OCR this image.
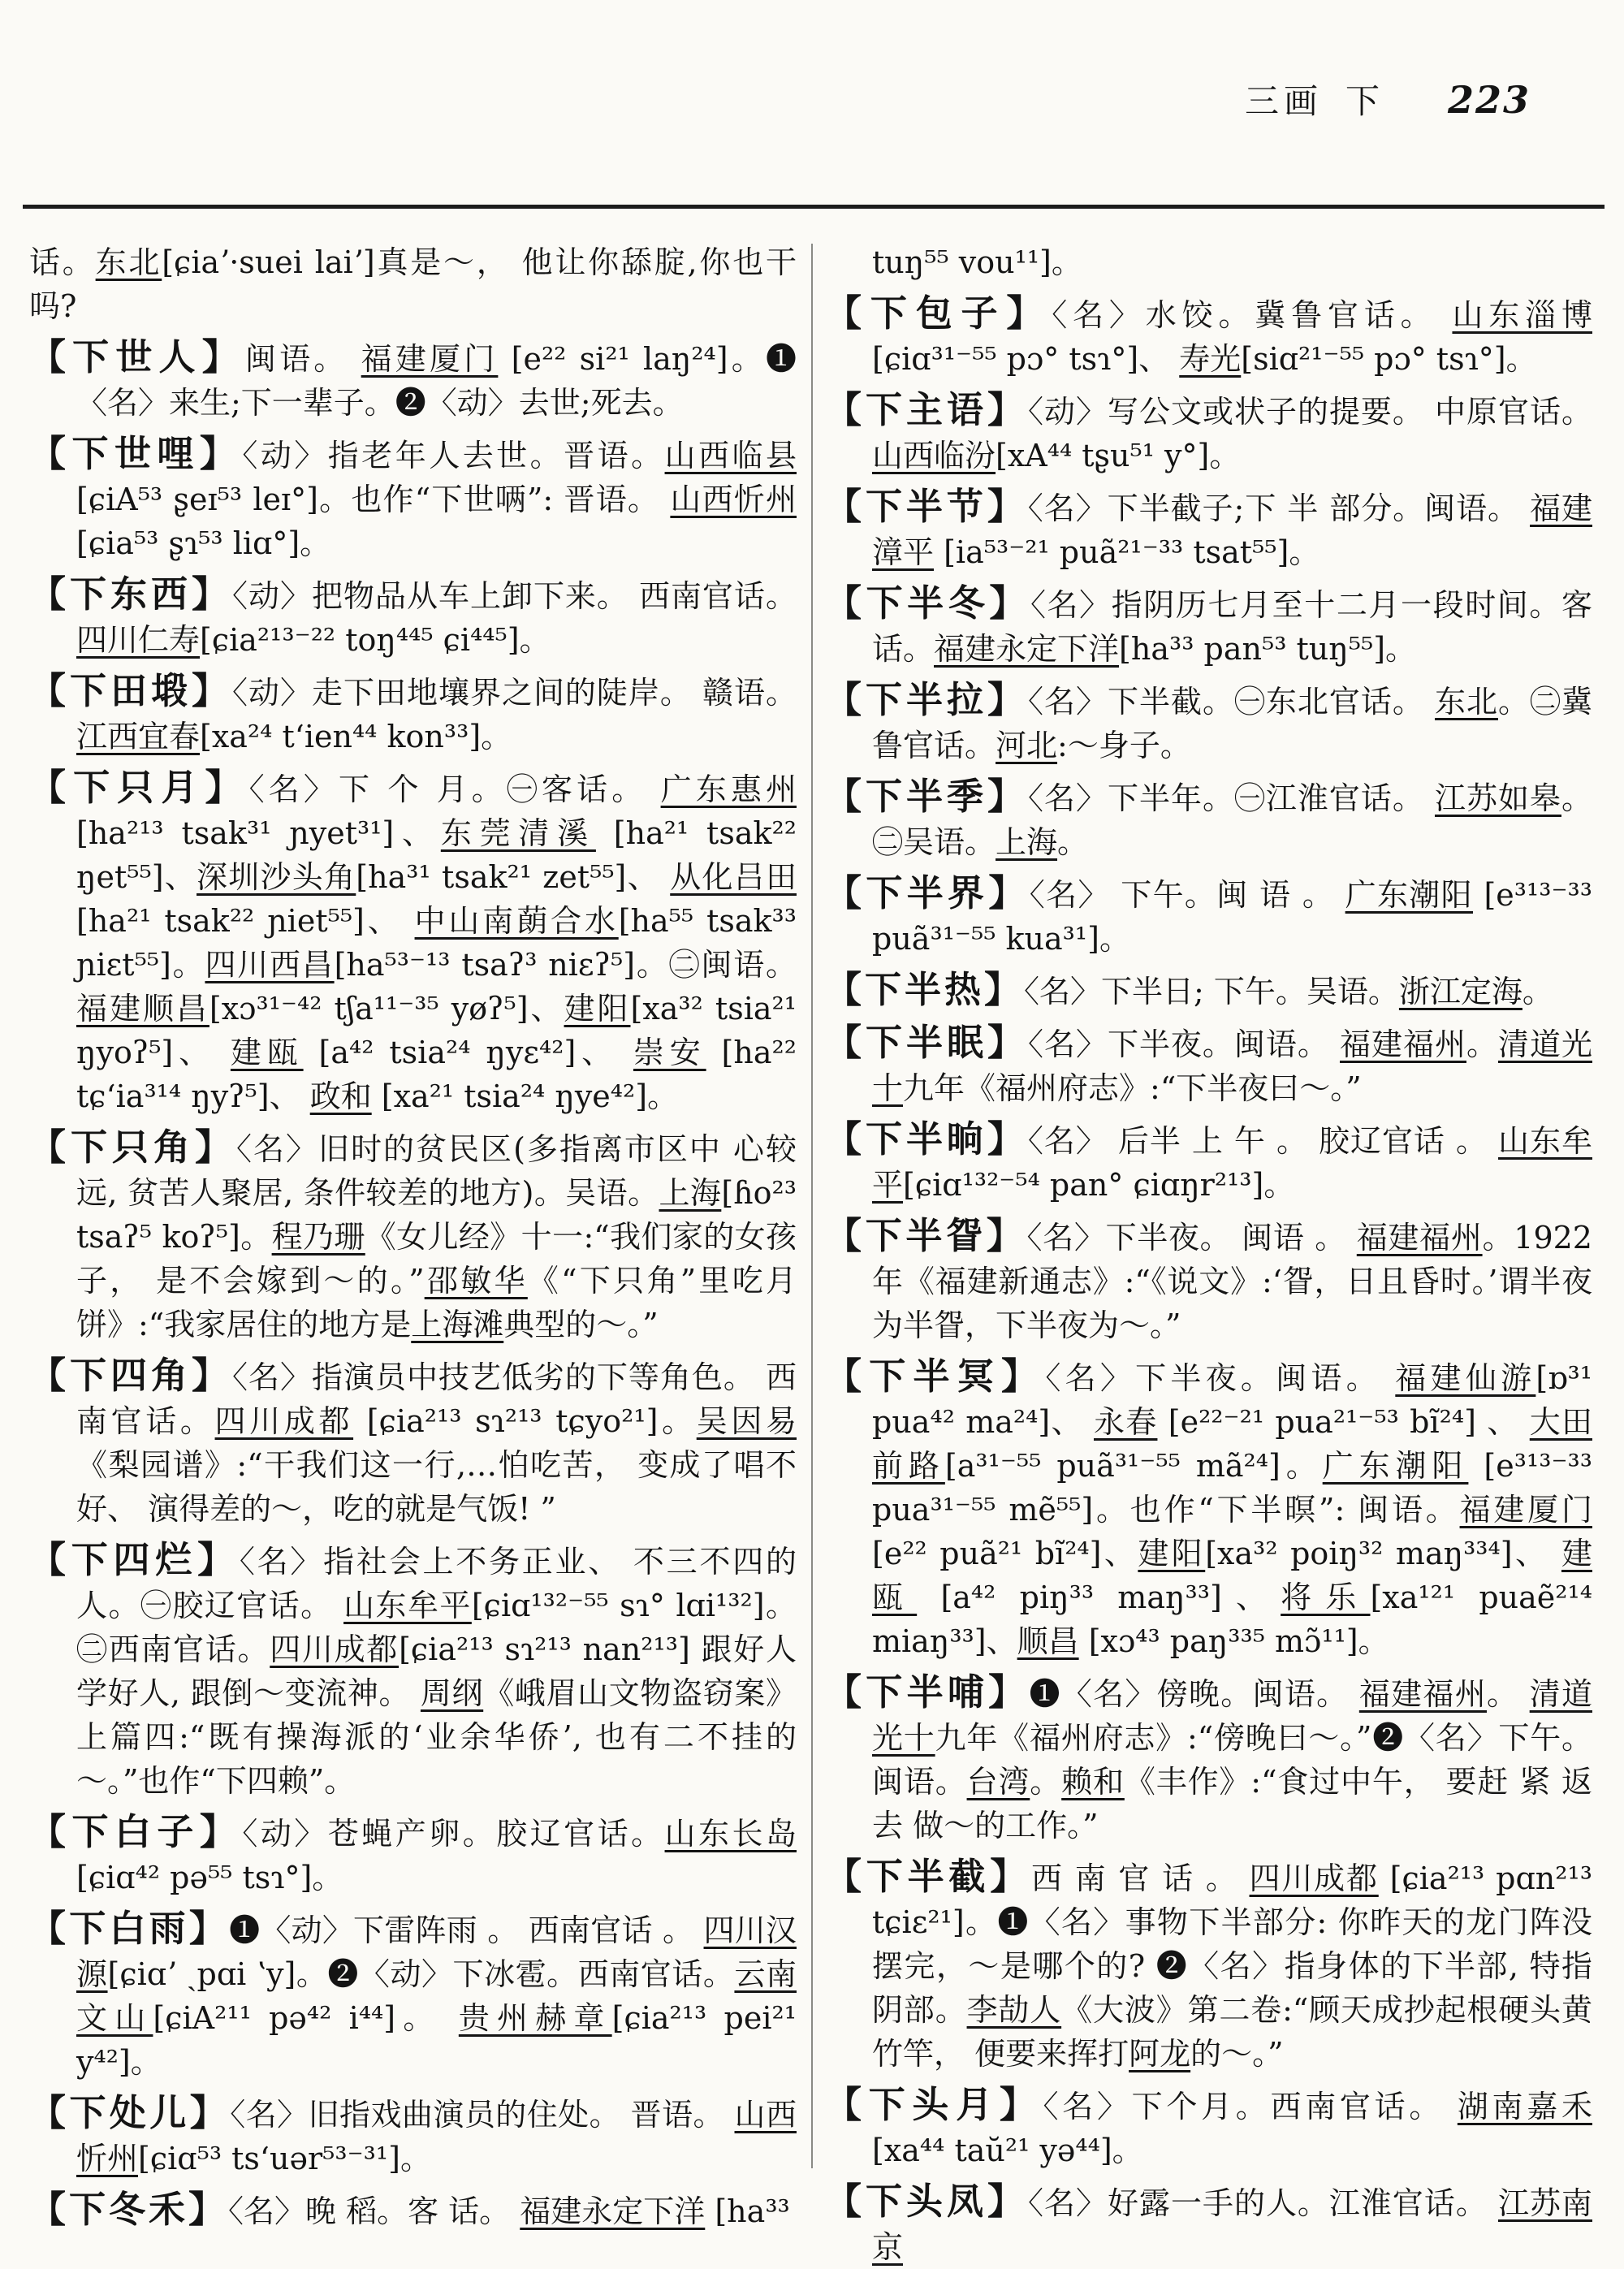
三画 下 223
话。东北[ɕiaʼ·suei laiʼ]真是～， 他让你舔腚,你也干吗?
【下世人】闽语。 福建厦门 [e²² si²¹ laŋ²⁴]。❶〈名〉来生;下一辈子。❷〈动〉去世;死去。
【下世哩】〈动〉指老年人去世。晋语。山西临县 [ɕiA⁵³ ʂeɪ⁵³ leɪ°]。也作“下世唡”: 晋语。 山西忻州 [ɕia⁵³ ʂɿ⁵³ liɑ°]。
【下东西】〈动〉把物品从车上卸下来。 西南官话。 四川仁寿[ɕia²¹³⁻²² toŋ⁴⁴⁵ ɕi⁴⁴⁵]。
【下田塅】〈动〉走下田地壤界之间的陡岸。 赣语。 江西宜春[xa²⁴ t‘ien⁴⁴ kon³³]。
【下只月】〈名〉下 个 月。㊀客话。 广东惠州 [ha²¹³ tsak³¹ ɲyet³¹]、东莞清溪 [ha²¹ tsak²² ŋet⁵⁵]、深圳沙头角[ha³¹ tsak²¹ zet⁵⁵]、 从化吕田[ha²¹ tsak²² ɲiet⁵⁵]、 中山南蓢合水[ha⁵⁵ tsak³³ ɲiɛt⁵⁵]。四川西昌[ha⁵³⁻¹³ tsaʔ³ niɛʔ⁵]。㊁闽语。福建顺昌[xɔ³¹⁻⁴² tʃa¹¹⁻³⁵ yøʔ⁵]、建阳[xa³² tsia²¹ ŋyoʔ⁵]、 建瓯 [a⁴² tsia²⁴ ŋyɛ⁴²]、 崇安 [ha²² tɕ‘ia³¹⁴ ŋyʔ⁵]、 政和 [xa²¹ tsia²⁴ ŋye⁴²]。
【下只角】〈名〉旧时的贫民区(多指离市区中 心较远, 贫苦人聚居, 条件较差的地方)。吴语。上海[ɦo²³ tsaʔ⁵ koʔ⁵]。程乃珊《女儿经》十一:“我们家的女孩子， 是不会嫁到～的。”邵敏华《“下只角”里吃月饼》:“我家居住的地方是上海滩典型的～。”
【下四角】〈名〉指演员中技艺低劣的下等角色。 西南官话。四川成都 [ɕia²¹³ sɿ²¹³ tɕyo²¹]。吴因易《梨园谱》:“干我们这一行,…怕吃苦， 变成了唱不好、 演得差的～，吃的就是气饭! ”
【下四烂】〈名〉指社会上不务正业、 不三不四的人。㊀胶辽官话。 山东牟平[ɕiɑ¹³²⁻⁵⁵ sɿ° lɑi¹³²]。㊁西南官话。四川成都[ɕia²¹³ sɿ²¹³ nan²¹³] 跟好人学好人, 跟倒～变流神。 周纲《峨眉山文物盗窃案》上篇四:“既有操海派的‘业余华侨’, 也有二不挂的～。”也作“下四赖”。
【下白子】〈动〉苍蝇产卵。胶辽官话。山东长岛 [ɕiɑ⁴² pə⁵⁵ tsɿ°]。
【下白雨】❶〈动〉下雷阵雨 。 西南官话 。 四川汉源[ɕiɑʼ ˎpɑi ʽy]。❷〈动〉下冰雹。西南官话。云南文山[ɕiA²¹¹ pə⁴² i⁴⁴]。 贵州赫章[ɕia²¹³ pei²¹ y⁴²]。
【下处儿】〈名〉旧指戏曲演员的住处。 晋语。 山西忻州[ɕiɑ⁵³ ts‘uər⁵³⁻³¹]。
【下冬禾】〈名〉晚 稻。客 话。 福建永定下洋 [ha³³
tuŋ⁵⁵ vou¹¹]。
【下包子】〈名〉水饺。冀鲁官话。 山东淄博[ɕiɑ³¹⁻⁵⁵ pɔ° tsɿ°]、 寿光[siɑ²¹⁻⁵⁵ pɔ° tsɿ°]。
【下主语】〈动〉写公文或状子的提要。 中原官话。山西临汾[xA⁴⁴ tʂu⁵¹ y°]。
【下半节】〈名〉下半截子;下 半 部分。闽语。 福建漳平 [ia⁵³⁻²¹ puã²¹⁻³³ tsat⁵⁵]。
【下半冬】〈名〉指阴历七月至十二月一段时间。客话。福建永定下洋[ha³³ pan⁵³ tuŋ⁵⁵]。
【下半拉】〈名〉下半截。㊀东北官话。 东北。㊁冀鲁官话。河北:～身子。
【下半季】〈名〉下半年。㊀江淮官话。 江苏如皋。㊁吴语。上海。
【下半界】〈名〉 下午。闽 语 。 广东潮阳 [e³¹³⁻³³ puã³¹⁻⁵⁵ kua³¹]。
【下半热】〈名〉下半日; 下午。吴语。浙江定海。
【下半眠】〈名〉下半夜。闽语。 福建福州。清道光十九年《福州府志》:“下半夜曰～。”
【下半晌】〈名〉 后半 上 午 。 胶辽官话 。 山东牟平[ɕiɑ¹³²⁻⁵⁴ pan° ɕiɑŋr²¹³]。
【下半眢】〈名〉下半夜。 闽语 。 福建福州。1922年《福建新通志》:“《说文》:‘眢，日且昏时。’谓半夜为半眢，下半夜为～。”
【下半冥】〈名〉下半夜。闽语。 福建仙游[ɒ³¹ pua⁴² ma²⁴]、 永春 [e²²⁻²¹ pua²¹⁻⁵³ bĩ²⁴] 、 大田前路[a³¹⁻⁵⁵ puã³¹⁻⁵⁵ mã²⁴]。广东潮阳 [e³¹³⁻³³ pua³¹⁻⁵⁵ mẽ⁵⁵]。也作“下半暝”: 闽语。福建厦门 [e²² puã²¹ bĩ²⁴]、建阳[xa³² poiŋ³² maŋ³³⁴]、 建瓯 [a⁴² piŋ³³ maŋ³³]、将乐[xa¹²¹ puaẽ²¹⁴ miaŋ³³]、顺昌 [xɔ⁴³ paŋ³³⁵ mɔ̃¹¹]。
【下半哺】❶〈名〉傍晚。闽语。 福建福州。 清道光十九年《福州府志》:“傍晚曰～。”❷〈名〉下午。闽语。台湾。赖和《丰作》:“食过中午， 要赶 紧 返 去 做～的工作。”
【下半截】西 南 官 话 。 四川成都 [ɕia²¹³ pɑn²¹³ tɕiɛ²¹]。❶〈名〉事物下半部分: 你昨天的龙门阵没摆完，～是哪个的? ❷〈名〉指身体的下半部, 特指阴部。李劼人《大波》第二卷:“顾天成抄起根硬头黄竹竿， 便要来挥打阿龙的～。”
【下头月】〈名〉下个月。西南官话。 湖南嘉禾 [xa⁴⁴ taŭ²¹ yə⁴⁴]。
【下头凤】〈名〉好露一手的人。江淮官话。 江苏南京
